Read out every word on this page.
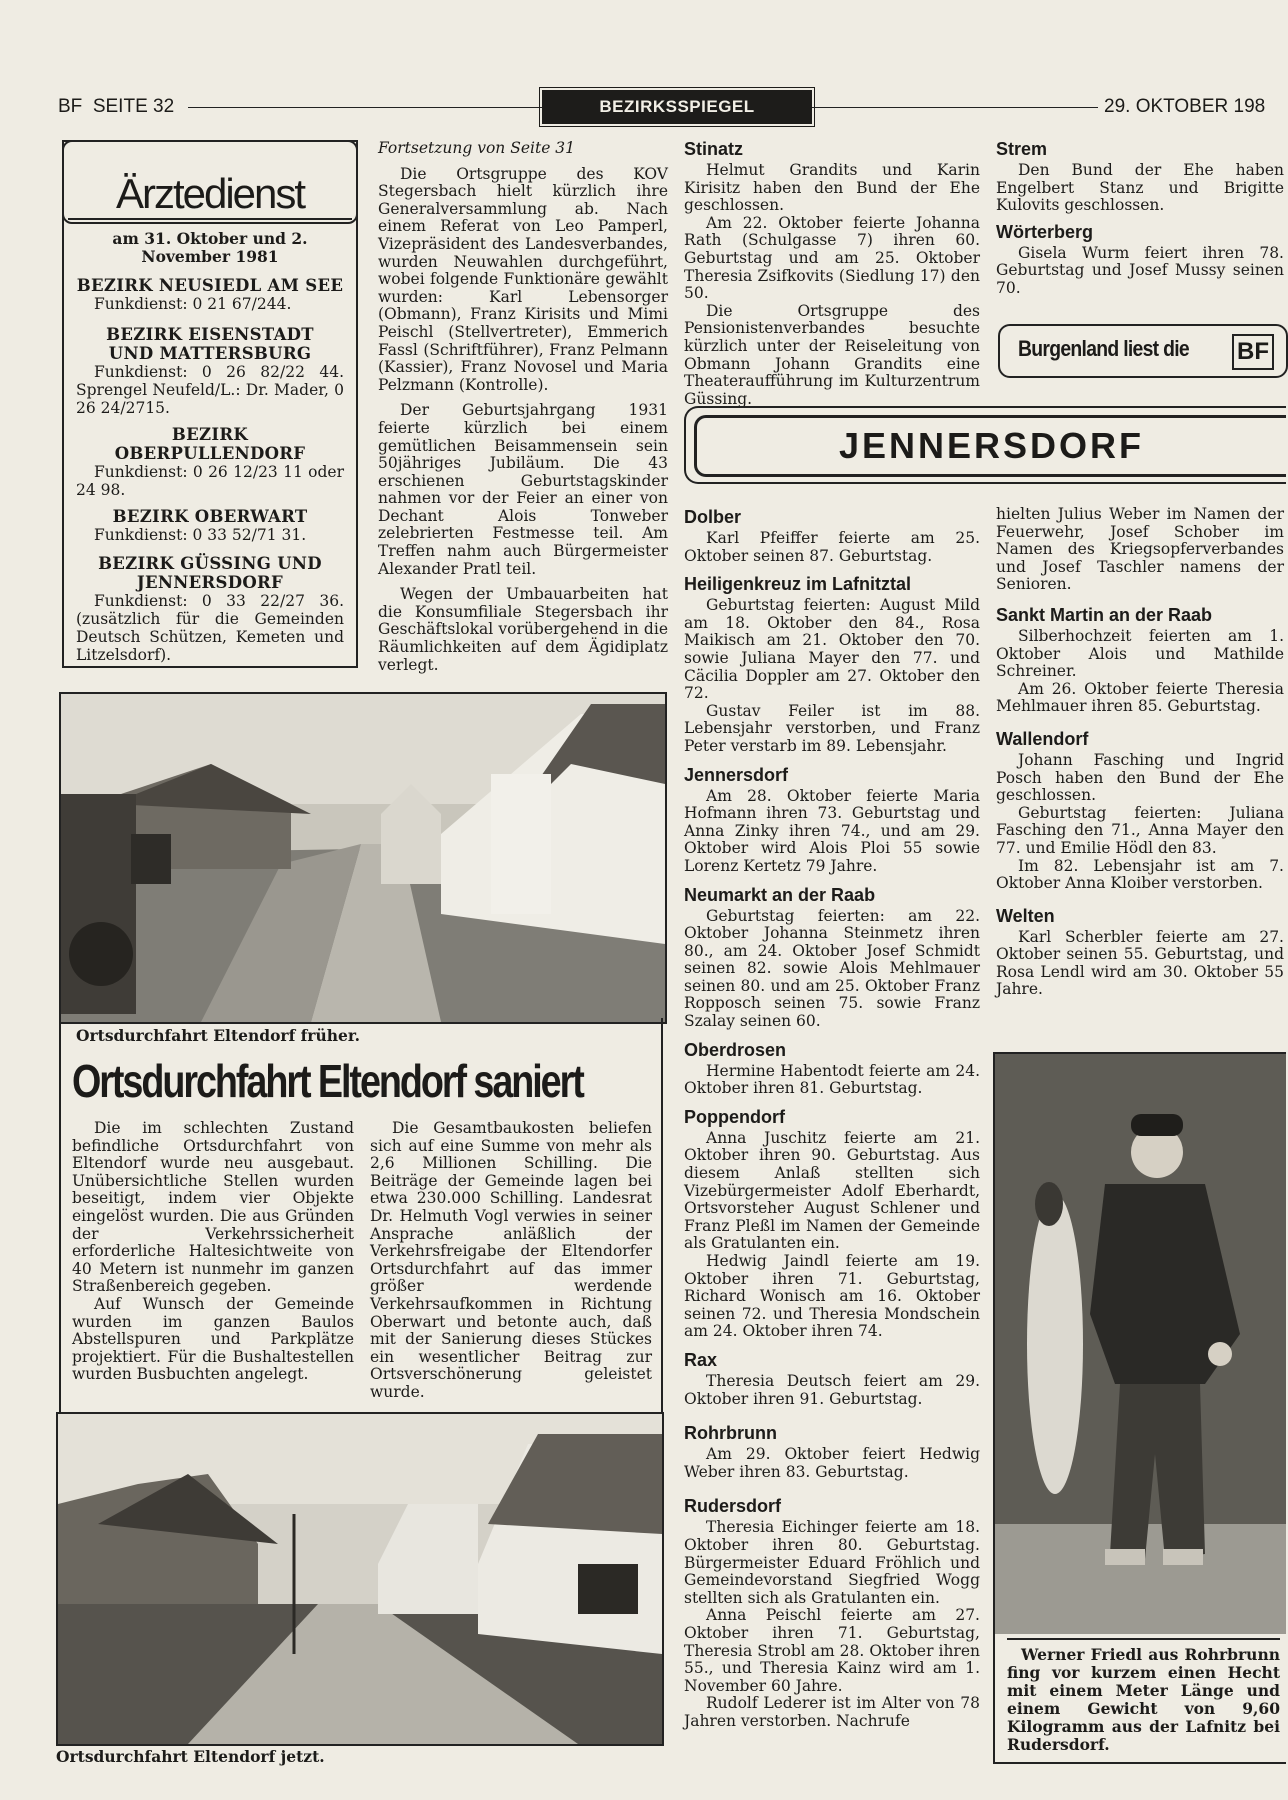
BF  SEITE 32	BEZIRKSSPIEGEL	29. OKTOBER 198
Ärztedienst

am 31. Oktober und 2. November 1981

BEZIRK NEUSIEDL AM SEE

Funkdienst: 0 21 67/244.

BEZIRK EISENSTADT UND MATTERSBURG

Funkdienst: 0 26 82/22 44. Sprengel Neufeld/L.: Dr. Mader, 0 26 24/2715.

BEZIRK OBERPULLENDORF

Funkdienst: 0 26 12/23 11 oder 24 98.

BEZIRK OBERWART

Funkdienst: 0 33 52/71 31.

BEZIRK GÜSSING UND JENNERSDORF

Funkdienst: 0 33 22/27 36. (zusätzlich für die Gemeinden Deutsch Schützen, Kemeten und Litzelsdorf).

Fortsetzung von Seite 31

Die Ortsgruppe des KOV Stegersbach hielt kürzlich ihre Generalversammlung ab. Nach einem Referat von Leo Pamperl, Vizepräsident des Landesverbandes, wurden Neuwahlen durchgeführt, wobei folgende Funktionäre gewählt wurden: Karl Lebensorger (Obmann), Franz Kirisits und Mimi Peischl (Stellvertreter), Emmerich Fassl (Schriftführer), Franz Pelmann (Kassier), Franz Novosel und Maria Pelzmann (Kontrolle).

Der Geburtsjahrgang 1931 feierte kürzlich bei einem gemütlichen Beisammensein sein 50jähriges Jubiläum. Die 43 erschienen Geburtstagskinder nahmen vor der Feier an einer von Dechant Alois Tonweber zelebrierten Festmesse teil. Am Treffen nahm auch Bürgermeister Alexander Pratl teil.

Wegen der Umbauarbeiten hat die Konsumfiliale Stegersbach ihr Geschäftslokal vorübergehend in die Räumlichkeiten auf dem Ägidiplatz verlegt.

Stinatz

Helmut Grandits und Karin Kirisitz haben den Bund der Ehe geschlossen.

Am 22. Oktober feierte Johanna Rath (Schulgasse 7) ihren 60. Geburtstag und am 25. Oktober Theresia Zsifkovits (Siedlung 17) den 50.

Die Ortsgruppe des Pensionistenverbandes besuchte kürzlich unter der Reiseleitung von Obmann Johann Grandits eine Theateraufführung im Kulturzentrum Güssing.

Strem

Den Bund der Ehe haben Engelbert Stanz und Brigitte Kulovits geschlossen.

Wörterberg

Gisela Wurm feiert ihren 78. Geburtstag und Josef Mussy seinen 70.

Burgenland liest die BF
JENNERSDORF
Ortsdurchfahrt Eltendorf früher.
Ortsdurchfahrt Eltendorf saniert

Die im schlechten Zustand befindliche Ortsdurchfahrt von Eltendorf wurde neu ausgebaut. Unübersichtliche Stellen wurden beseitigt, indem vier Objekte eingelöst wurden. Die aus Gründen der Verkehrssicherheit erforderliche Haltesichtweite von 40 Metern ist nunmehr im ganzen Straßenbereich gegeben.

Auf Wunsch der Gemeinde wurden im ganzen Baulos Abstellspuren und Parkplätze projektiert. Für die Bushaltestellen wurden Busbuchten angelegt.

Die Gesamtbaukosten beliefen sich auf eine Summe von mehr als 2,6 Millionen Schilling. Die Beiträge der Gemeinde lagen bei etwa 230.000 Schilling. Landesrat Dr. Helmuth Vogl verwies in seiner Ansprache anläßlich der Verkehrsfreigabe der Eltendorfer Ortsdurchfahrt auf das immer größer werdende Verkehrsaufkommen in Richtung Oberwart und betonte auch, daß mit der Sanierung dieses Stückes ein wesentlicher Beitrag zur Ortsverschönerung geleistet wurde.

Ortsdurchfahrt Eltendorf jetzt.
Dolber

Karl Pfeiffer feierte am 25. Oktober seinen 87. Geburtstag.

Heiligenkreuz im Lafnitztal

Geburtstag feierten: August Mild am 18. Oktober den 84., Rosa Maikisch am 21. Oktober den 70. sowie Juliana Mayer den 77. und Cäcilia Doppler am 27. Oktober den 72.

Gustav Feiler ist im 88. Lebensjahr verstorben, und Franz Peter verstarb im 89. Lebensjahr.

Jennersdorf

Am 28. Oktober feierte Maria Hofmann ihren 73. Geburtstag und Anna Zinky ihren 74., und am 29. Oktober wird Alois Ploi 55 sowie Lorenz Kertetz 79 Jahre.

Neumarkt an der Raab

Geburtstag feierten: am 22. Oktober Johanna Steinmetz ihren 80., am 24. Oktober Josef Schmidt seinen 82. sowie Alois Mehlmauer seinen 80. und am 25. Oktober Franz Ropposch seinen 75. sowie Franz Szalay seinen 60.

Oberdrosen

Hermine Habentodt feierte am 24. Oktober ihren 81. Geburtstag.

Poppendorf

Anna Juschitz feierte am 21. Oktober ihren 90. Geburtstag. Aus diesem Anlaß stellten sich Vizebürgermeister Adolf Eberhardt, Ortsvorsteher August Schlener und Franz Pleßl im Namen der Gemeinde als Gratulanten ein.

Hedwig Jaindl feierte am 19. Oktober ihren 71. Geburtstag, Richard Wonisch am 16. Oktober seinen 72. und Theresia Mondschein am 24. Oktober ihren 74.

Rax

Theresia Deutsch feiert am 29. Oktober ihren 91. Geburtstag.

Rohrbrunn

Am 29. Oktober feiert Hedwig Weber ihren 83. Geburtstag.

Rudersdorf

Theresia Eichinger feierte am 18. Oktober ihren 80. Geburtstag. Bürgermeister Eduard Fröhlich und Gemeindevorstand Siegfried Wogg stellten sich als Gratulanten ein.

Anna Peischl feierte am 27. Oktober ihren 71. Geburtstag, Theresia Strobl am 28. Oktober ihren 55., und Theresia Kainz wird am 1. November 60 Jahre.

Rudolf Lederer ist im Alter von 78 Jahren verstorben. Nachrufe

hielten Julius Weber im Namen der Feuerwehr, Josef Schober im Namen des Kriegsopferverbandes und Josef Taschler namens der Senioren.

Sankt Martin an der Raab

Silberhochzeit feierten am 1. Oktober Alois und Mathilde Schreiner.

Am 26. Oktober feierte Theresia Mehlmauer ihren 85. Geburtstag.

Wallendorf

Johann Fasching und Ingrid Posch haben den Bund der Ehe geschlossen.

Geburtstag feierten: Juliana Fasching den 71., Anna Mayer den 77. und Emilie Hödl den 83.

Im 82. Lebensjahr ist am 7. Oktober Anna Kloiber verstorben.

Welten

Karl Scherbler feierte am 27. Oktober seinen 55. Geburtstag, und Rosa Lendl wird am 30. Oktober 55 Jahre.

Werner Friedl aus Rohrbrunn fing vor kurzem einen Hecht mit einem Meter Länge und einem Gewicht von 9,60 Kilogramm aus der Lafnitz bei Rudersdorf.
